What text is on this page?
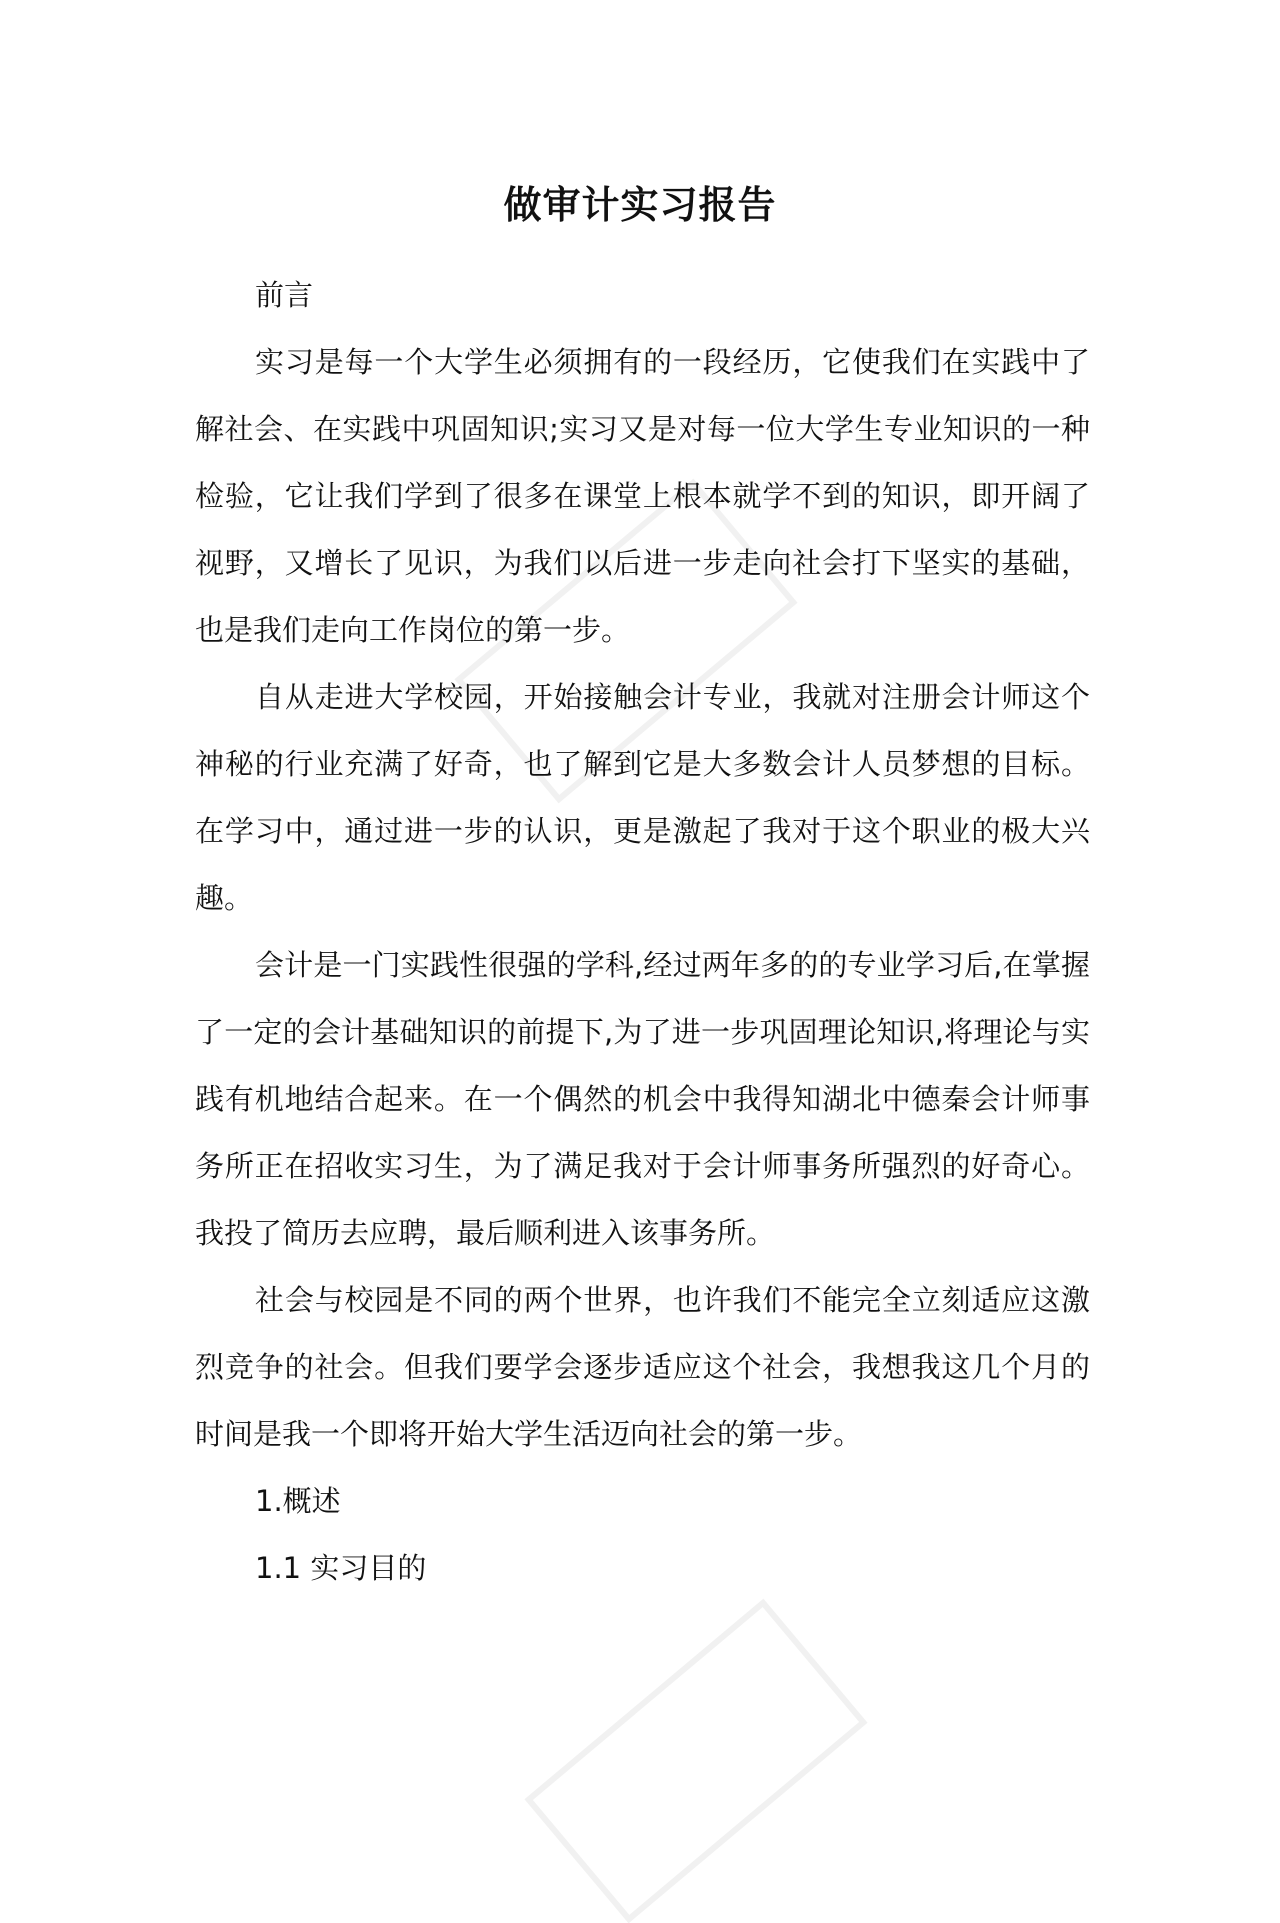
做审计实习报告

前言

实习是每一个大学生必须拥有的一段经历，它使我们在实践中了解社会、在实践中巩固知识;实习又是对每一位大学生专业知识的一种检验，它让我们学到了很多在课堂上根本就学不到的知识，即开阔了视野，又增长了见识，为我们以后进一步走向社会打下坚实的基础，也是我们走向工作岗位的第一步。

自从走进大学校园，开始接触会计专业，我就对注册会计师这个神秘的行业充满了好奇，也了解到它是大多数会计人员梦想的目标。在学习中，通过进一步的认识，更是激起了我对于这个职业的极大兴趣。

会计是一门实践性很强的学科,经过两年多的的专业学习后,在掌握了一定的会计基础知识的前提下,为了进一步巩固理论知识,将理论与实践有机地结合起来。在一个偶然的机会中我得知湖北中德秦会计师事务所正在招收实习生，为了满足我对于会计师事务所强烈的好奇心。我投了简历去应聘，最后顺利进入该事务所。

社会与校园是不同的两个世界，也许我们不能完全立刻适应这激烈竞争的社会。但我们要学会逐步适应这个社会，我想我这几个月的时间是我一个即将开始大学生活迈向社会的第一步。

1.概述

1.1 实习目的
